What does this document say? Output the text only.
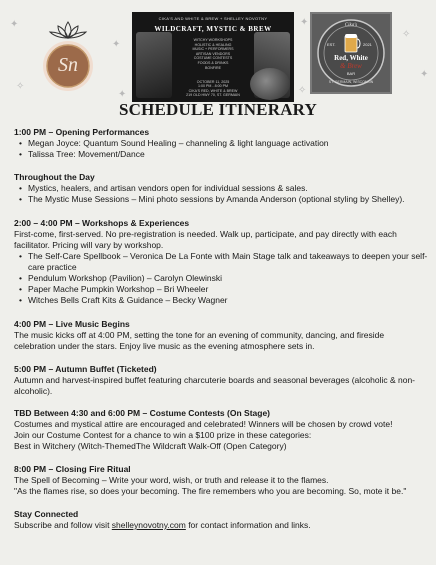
✦
✦
✧
✦
✧
✦
✧
✦
Sn
CIKA'S AND WHITE & BREW + SHELLEY NOVOTNY
WILDCRAFT, MYSTIC & BREW
WITCHY WORKSHOPS
HOLISTIC & HEALING
MUSIC + PERFORMERS
ARTISAN VENDORS
COSTUME CONTESTS
FOODS & DRINKS
BONFIRE
OCTOBER 11, 2025
1:00 PM - 8:00 PM
CIKA'S RED, WHITE & BREW
219 OLD HWY 70, ST. GERMAIN
Cika's
EST.	2021
Red, White
& Brew
BAR
ST. GERMAIN, WISCONSIN
SCHEDULE ITINERARY
1:00 PM – Opening Performances
• Megan Joyce: Quantum Sound Healing – channeling & light language activation
• Talissa Tree: Movement/Dance
Throughout the Day
• Mystics, healers, and artisan vendors open for individual sessions & sales.
• The Mystic Muse Sessions – Mini photo sessions by Amanda Anderson (optional styling by Shelley).
2:00 – 4:00 PM – Workshops & Experiences
First-come, first-served. No pre-registration is needed. Walk up, participate, and pay directly with each facilitator. Pricing will vary by workshop.
• The Self-Care Spellbook – Veronica De La Fonte with Main Stage talk and takeaways to deepen your self-care practice
• Pendulum Workshop (Pavilion) – Carolyn Olewinski
• Paper Mache Pumpkin Workshop – Bri Wheeler
• Witches Bells Craft Kits & Guidance – Becky Wagner
4:00 PM – Live Music Begins
The music kicks off at 4:00 PM, setting the tone for an evening of community, dancing, and fireside celebration under the stars. Enjoy live music as the evening atmosphere sets in.
5:00 PM – Autumn Buffet (Ticketed)
Autumn and harvest-inspired buffet featuring charcuterie boards and seasonal beverages (alcoholic & non-alcoholic).
TBD Between 4:30 and 6:00 PM – Costume Contests (On Stage)
Costumes and mystical attire are encouraged and celebrated! Winners will be chosen by crowd vote!
Join our Costume Contest for a chance to win a $100 prize in these categories:
Best in Witchery (Witch-ThemedThe Wildcraft Walk-Off (Open Category)
8:00 PM – Closing Fire Ritual
The Spell of Becoming – Write your word, wish, or truth and release it to the flames.
"As the flames rise, so does your becoming. The fire remembers who you are becoming. So, mote it be."
Stay Connected
Subscribe and follow visit shelleynovotny.com for contact information and links.
